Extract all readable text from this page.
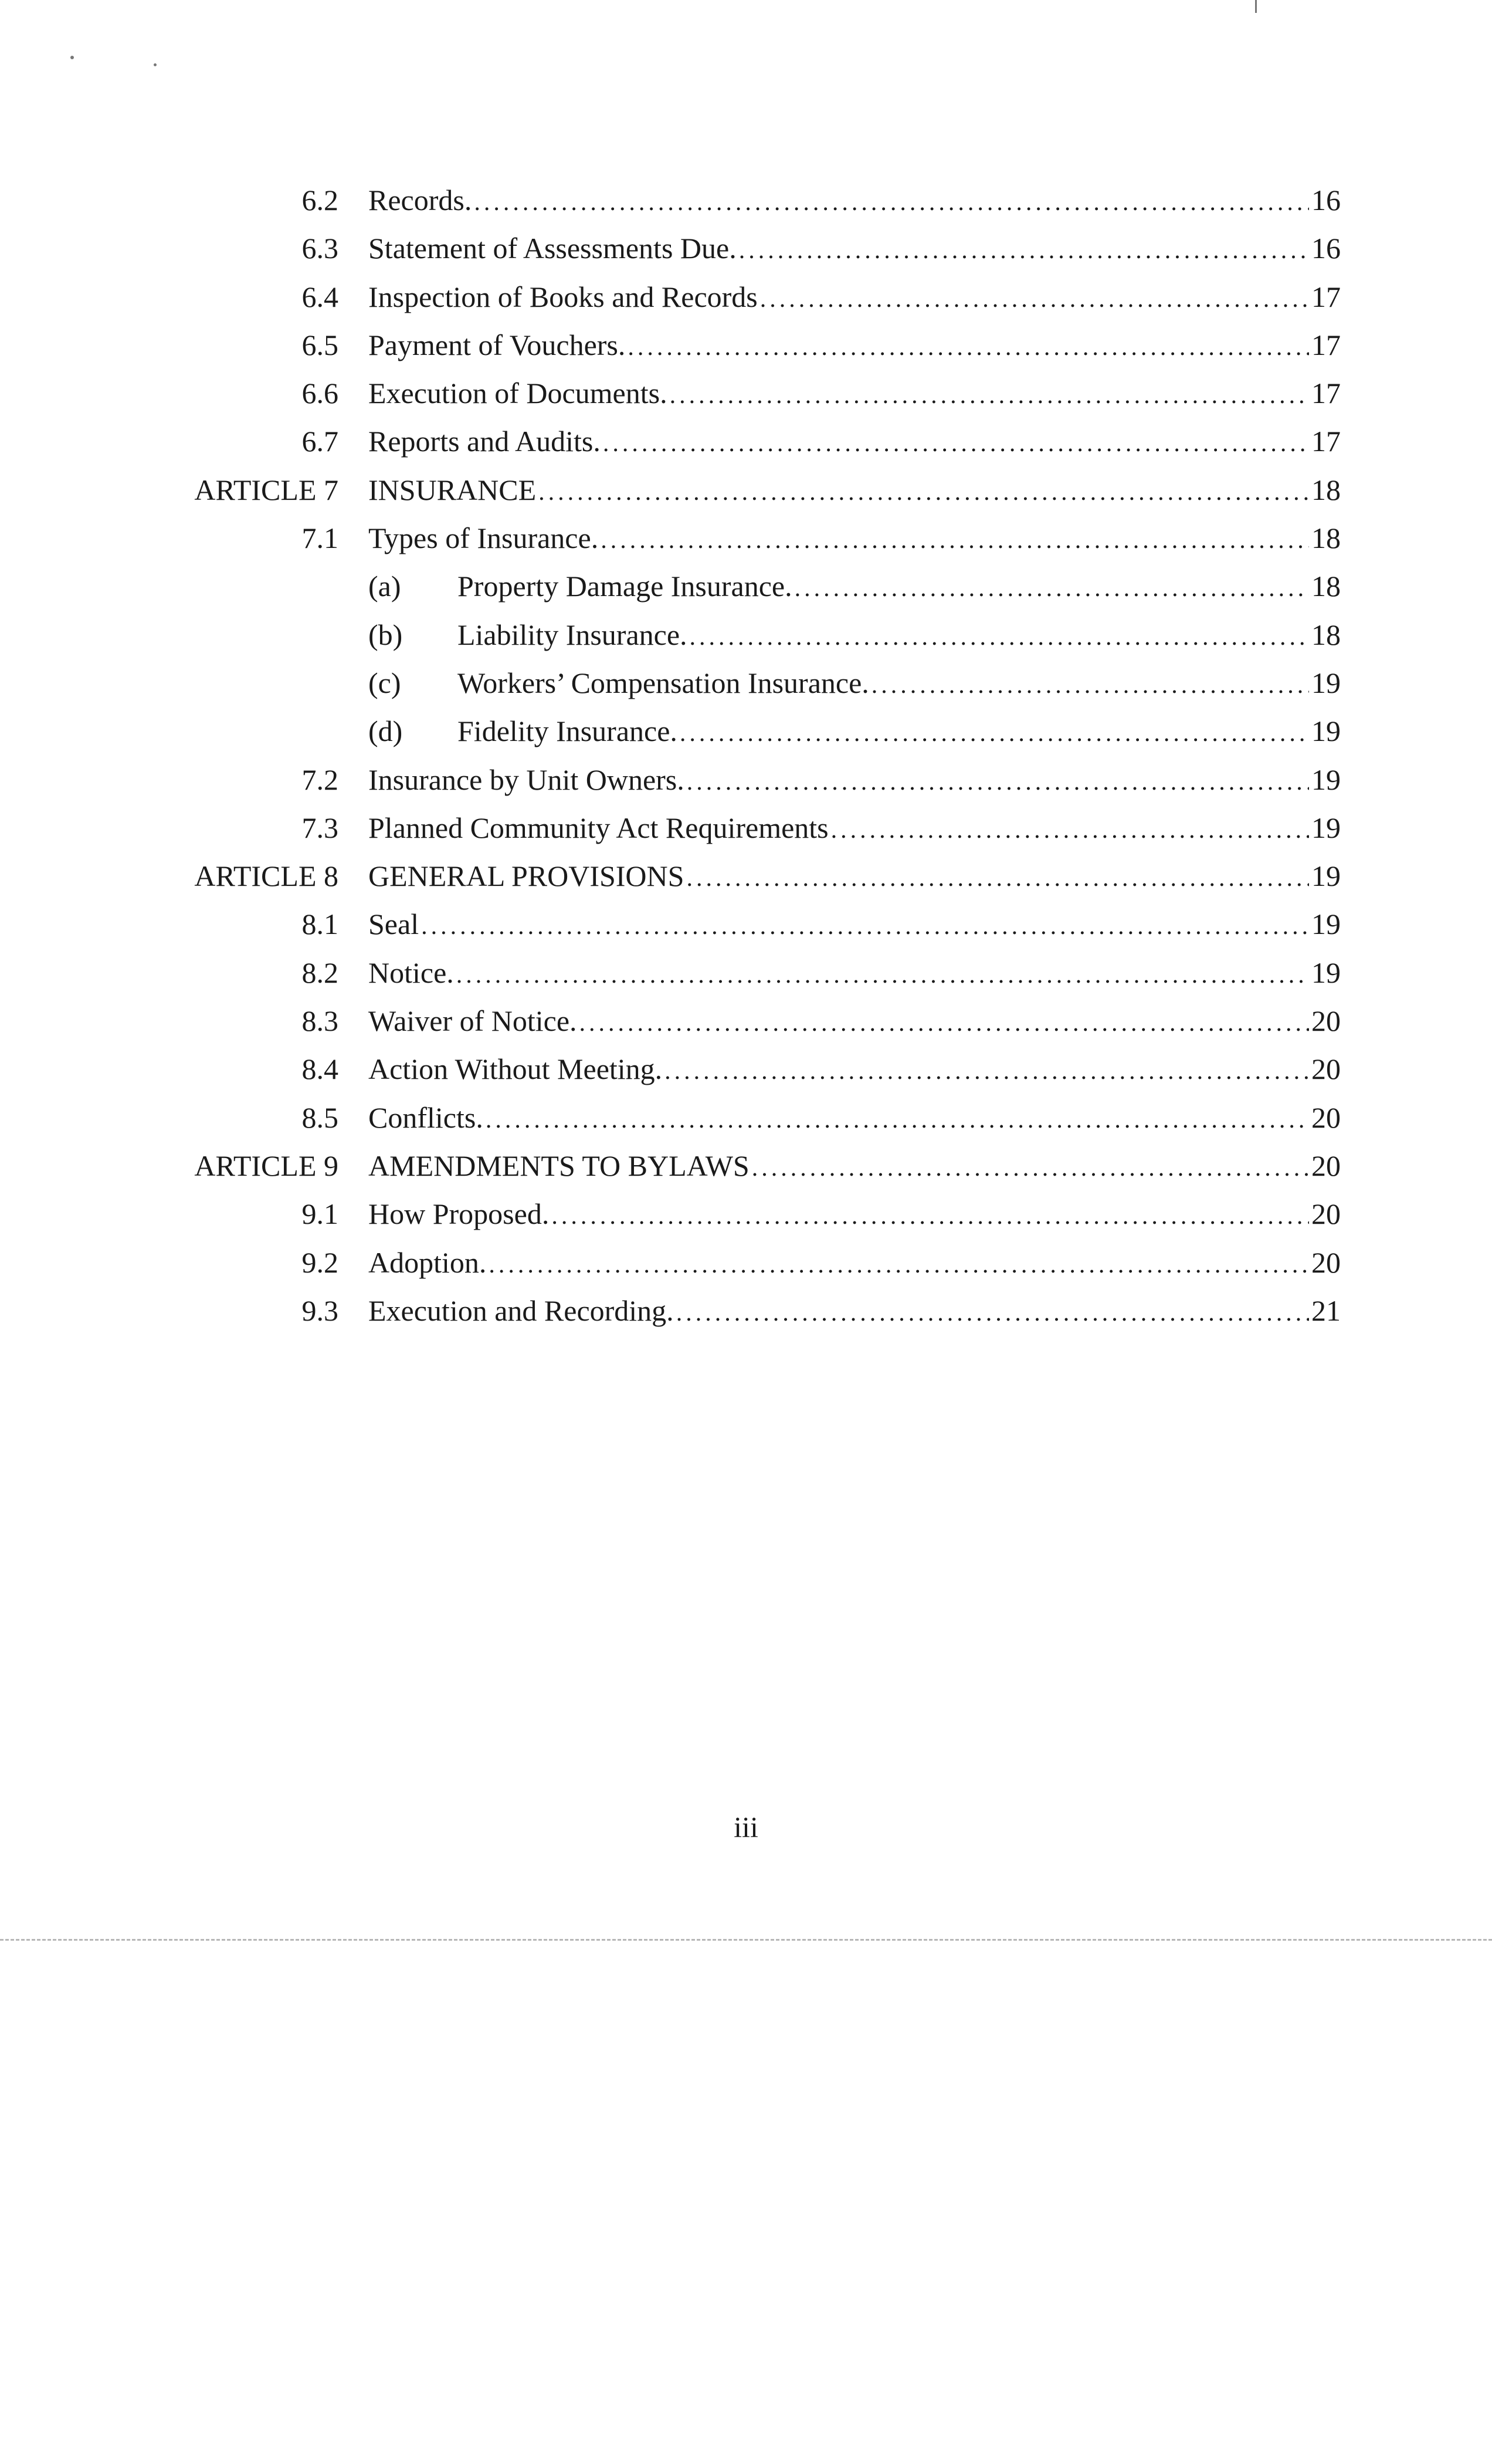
6.2 Records. .....	16
6.3 Statement of Assessments Due. .....	16
6.4 Inspection of Books and Records .....	17
6.5 Payment of Vouchers. .....	17
6.6 Execution of Documents. .....	17
6.7 Reports and Audits. .....	17
ARTICLE 7 INSURANCE .....	18
7.1 Types of Insurance. .....	18
(a) Property Damage Insurance. .....	18
(b) Liability Insurance. .....	18
(c) Workers’ Compensation Insurance. .....	19
(d) Fidelity Insurance. .....	19
7.2 Insurance by Unit Owners. .....	19
7.3 Planned Community Act Requirements .....	19
ARTICLE 8 GENERAL PROVISIONS .....	19
8.1 Seal .....	19
8.2 Notice. .....	19
8.3 Waiver of Notice. .....	20
8.4 Action Without Meeting. .....	20
8.5 Conflicts. .....	20
ARTICLE 9 AMENDMENTS TO BYLAWS .....	20
9.1 How Proposed. .....	20
9.2 Adoption. .....	20
9.3 Execution and Recording. .....	21
iii
